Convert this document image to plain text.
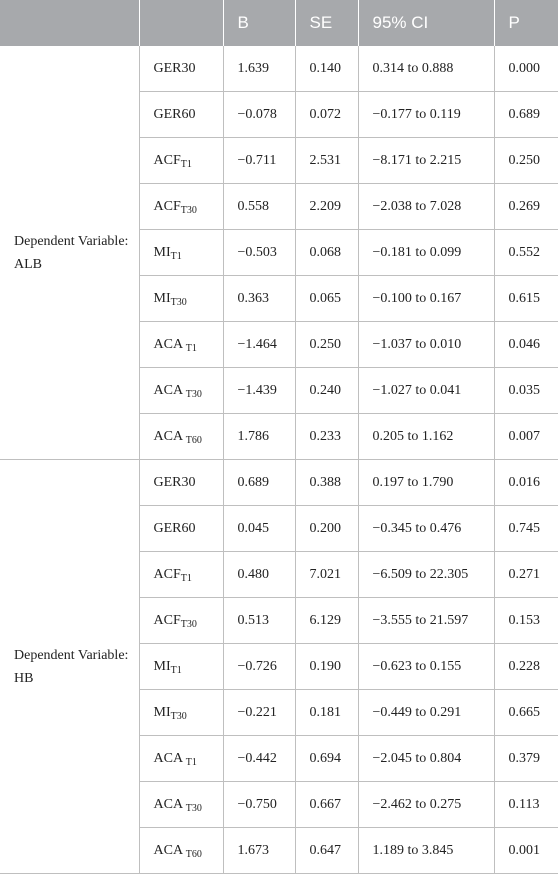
		B	SE	95% CI	P
Dependent Variable: ALB	GER30	1.639	0.140	0.314 to 0.888	0.000
	GER60	−0.078	0.072	−0.177 to 0.119	0.689
	$ACF_{T1}$	−0.711	2.531	−8.171 to 2.215	0.250
	$ACF_{T30}$	0.558	2.209	−2.038 to 7.028	0.269
	$MI_{T1}$	−0.503	0.068	−0.181 to 0.099	0.552
	$MI_{T30}$	0.363	0.065	−0.100 to 0.167	0.615
	ACA $_{T1}$	−1.464	0.250	−1.037 to 0.010	0.046
	ACA $_{T30}$	−1.439	0.240	−1.027 to 0.041	0.035
	ACA $_{T60}$	1.786	0.233	0.205 to 1.162	0.007
Dependent Variable: HB	GER30	0.689	0.388	0.197 to 1.790	0.016
	GER60	0.045	0.200	−0.345 to 0.476	0.745
	$ACF_{T1}$	0.480	7.021	−6.509 to 22.305	0.271
	$ACF_{T30}$	0.513	6.129	−3.555 to 21.597	0.153
	$MI_{T1}$	−0.726	0.190	−0.623 to 0.155	0.228
	$MI_{T30}$	−0.221	0.181	−0.449 to 0.291	0.665
	ACA $_{T1}$	−0.442	0.694	−2.045 to 0.804	0.379
	ACA $_{T30}$	−0.750	0.667	−2.462 to 0.275	0.113
	ACA $_{T60}$	1.673	0.647	1.189 to 3.845	0.001
